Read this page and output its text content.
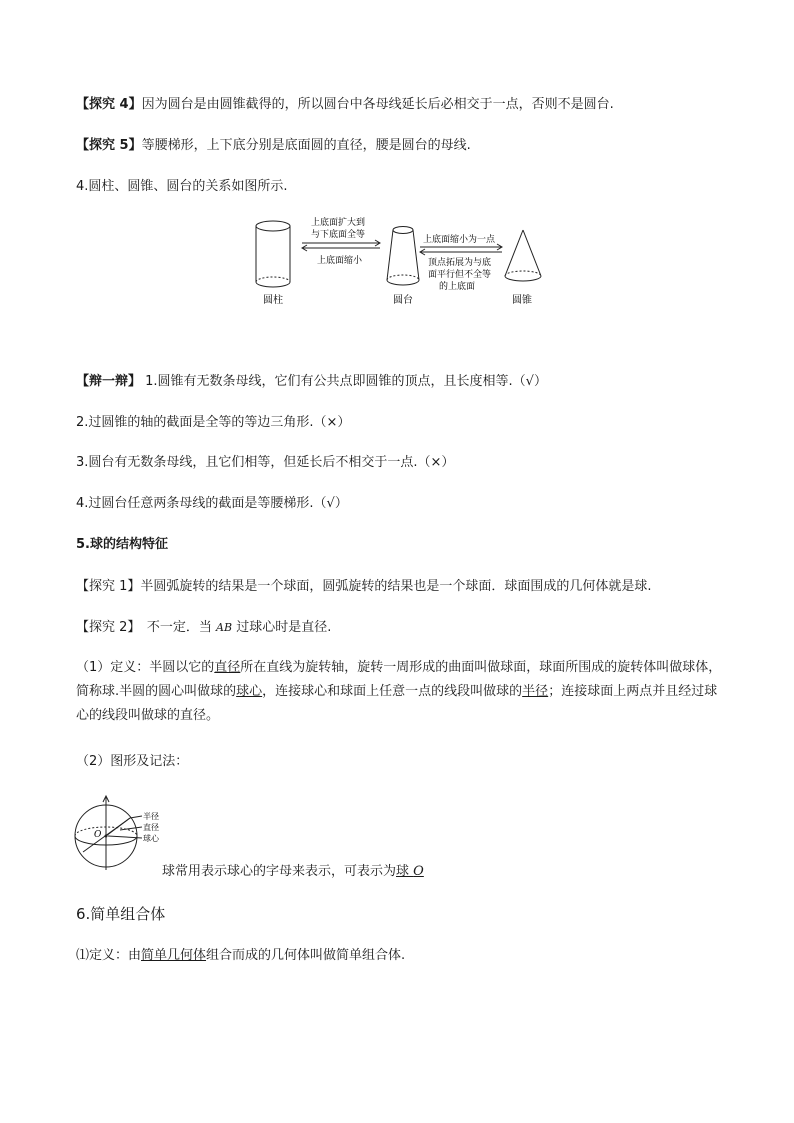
【探究 4】因为圆台是由圆锥截得的，所以圆台中各母线延长后必相交于一点，否则不是圆台.
【探究 5】等腰梯形，上下底分别是底面圆的直径，腰是圆台的母线.
4.圆柱、圆锥、圆台的关系如图所示.
圆柱
上底面扩大到
与下底面全等
上底面缩小
圆台
上底面缩小为一点
顶点拓展为与底
面平行但不全等
的上底面
圆锥
【辩一辩】 1.圆锥有无数条母线，它们有公共点即圆锥的顶点，且长度相等.（√）
2.过圆锥的轴的截面是全等的等边三角形.（×）
3.圆台有无数条母线，且它们相等，但延长后不相交于一点.（×）
4.过圆台任意两条母线的截面是等腰梯形.（√）
5.球的结构特征
【探究 1】半圆弧旋转的结果是一个球面，圆弧旋转的结果也是一个球面．球面围成的几何体就是球.
【探究 2】　不一定．当 AB 过球心时是直径.
（1）定义：半圆以它的直径所在直线为旋转轴，旋转一周形成的曲面叫做球面，球面所围成的旋转体叫做球体，简称球.半圆的圆心叫做球的球心，连接球心和球面上任意一点的线段叫做球的半径；连接球面上两点并且经过球心的线段叫做球的直径。
（2）图形及记法：
O
半径
直径
球心
球常用表示球心的字母来表示，可表示为球 O
6.简单组合体
⑴定义：由简单几何体组合而成的几何体叫做简单组合体.
